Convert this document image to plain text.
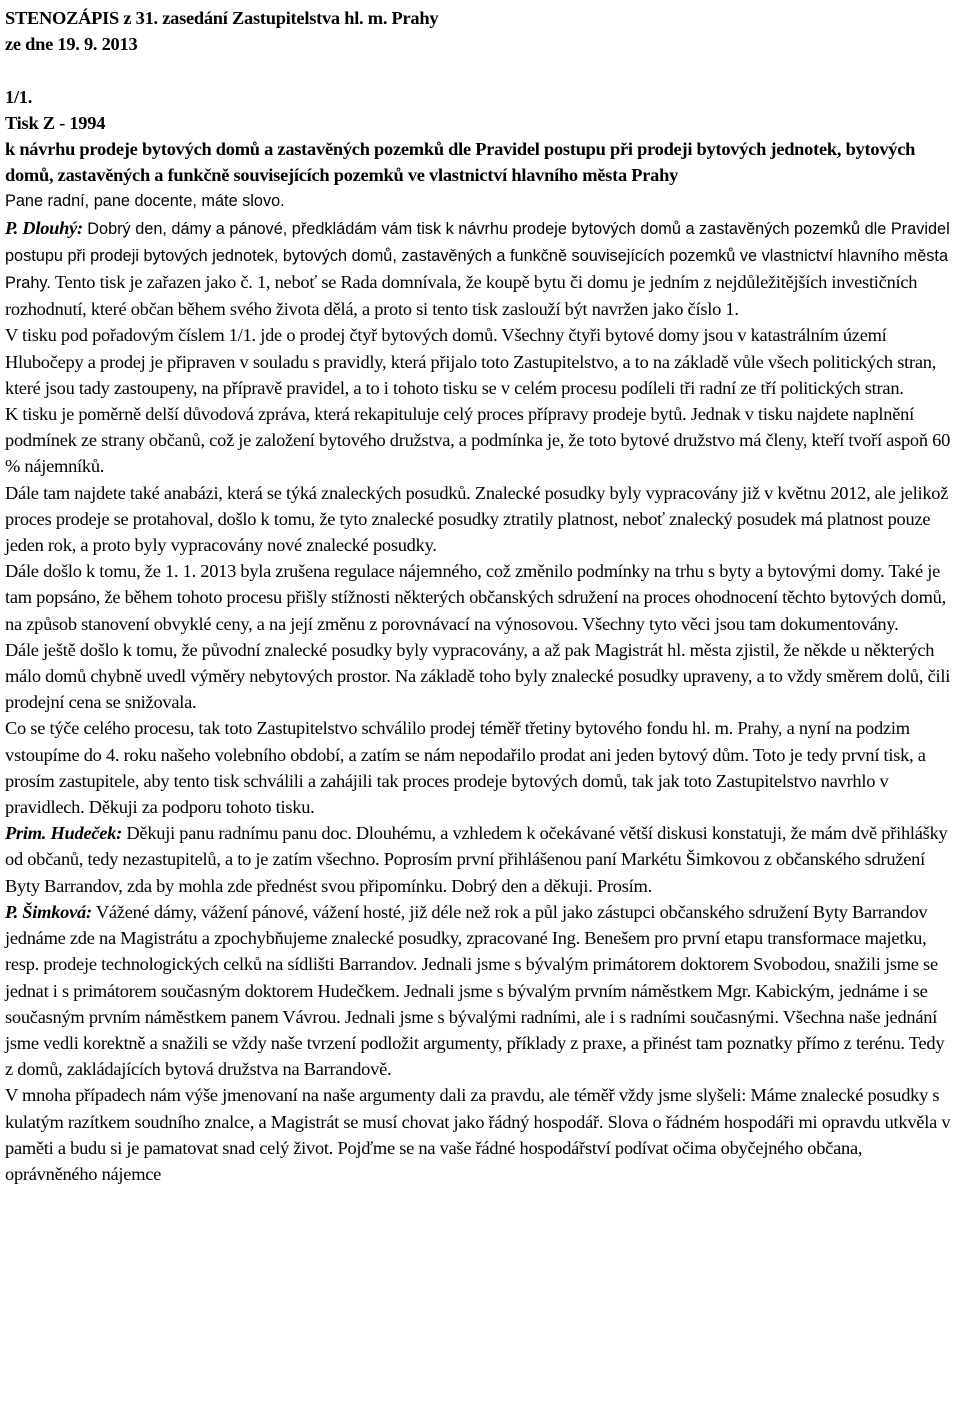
STENOZÁPIS z 31. zasedání Zastupitelstva hl. m. Prahy
ze dne 19. 9. 2013
1/1.
Tisk Z - 1994
k návrhu prodeje bytových domů a zastavěných pozemků dle Pravidel postupu při prodeji bytových jednotek, bytových domů, zastavěných a funkčně souvisejících pozemků ve vlastnictví hlavního města Prahy
Pane radní, pane docente, máte slovo.

P. Dlouhý: Dobrý den, dámy a pánové, předkládám vám tisk k návrhu prodeje bytových domů a zastavěných pozemků dle Pravidel postupu při prodeji bytových jednotek, bytových domů, zastavěných a funkčně souvisejících pozemků ve vlastnictví hlavního města Prahy. Tento tisk je zařazen jako č. 1, neboť se Rada domnívala, že koupě bytu či domu je jedním z nejdůležitějších investičních rozhodnutí, které občan během svého života dělá, a proto si tento tisk zaslouží být navržen jako číslo 1.

V tisku pod pořadovým číslem 1/1. jde o prodej čtyř bytových domů. Všechny čtyři bytové domy jsou v katastrálním území Hlubočepy a prodej je připraven v souladu s pravidly, která přijalo toto Zastupitelstvo, a to na základě vůle všech politických stran, které jsou tady zastoupeny, na přípravě pravidel, a to i tohoto tisku se v celém procesu podíleli tři radní ze tří politických stran.

K tisku je poměrně delší důvodová zpráva, která rekapituluje celý proces přípravy prodeje bytů. Jednak v tisku najdete naplnění podmínek ze strany občanů, což je založení bytového družstva, a podmínka je, že toto bytové družstvo má členy, kteří tvoří aspoň 60 % nájemníků.

Dále tam najdete také anabázi, která se týká znaleckých posudků. Znalecké posudky byly vypracovány již v květnu 2012, ale jelikož proces prodeje se protahoval, došlo k tomu, že tyto znalecké posudky ztratily platnost, neboť znalecký posudek má platnost pouze jeden rok, a proto byly vypracovány nové znalecké posudky.

Dále došlo k tomu, že 1. 1. 2013 byla zrušena regulace nájemného, což změnilo podmínky na trhu s byty a bytovými domy. Také je tam popsáno, že během tohoto procesu přišly stížnosti některých občanských sdružení na proces ohodnocení těchto bytových domů, na způsob stanovení obvyklé ceny, a na její změnu z porovnávací na výnosovou. Všechny tyto věci jsou tam dokumentovány.

Dále ještě došlo k tomu, že původní znalecké posudky byly vypracovány, a až pak Magistrát hl. města zjistil, že někde u některých málo domů chybně uvedl výměry nebytových prostor. Na základě toho byly znalecké posudky upraveny, a to vždy směrem dolů, čili prodejní cena se snižovala.

Co se týče celého procesu, tak toto Zastupitelstvo schválilo prodej téměř třetiny bytového fondu hl. m. Prahy, a nyní na podzim vstoupíme do 4. roku našeho volebního období, a zatím se nám nepodařilo prodat ani jeden bytový dům. Toto je tedy první tisk, a prosím zastupitele, aby tento tisk schválili a zahájili tak proces prodeje bytových domů, tak jak toto Zastupitelstvo navrhlo v pravidlech. Děkuji za podporu tohoto tisku.

Prim. Hudeček: Děkuji panu radnímu panu doc. Dlouhému, a vzhledem k očekávané větší diskusi konstatuji, že mám dvě přihlášky od občanů, tedy nezastupitelů, a to je zatím všechno. Poprosím první přihlášenou paní Markétu Šimkovou z občanského sdružení Byty Barrandov, zda by mohla zde přednést svou připomínku. Dobrý den a děkuji. Prosím.

P. Šimková: Vážené dámy, vážení pánové, vážení hosté, již déle než rok a půl jako zástupci občanského sdružení Byty Barrandov jednáme zde na Magistrátu a zpochybňujeme znalecké posudky, zpracované Ing. Benešem pro první etapu transformace majetku, resp. prodeje technologických celků na sídlišti Barrandov. Jednali jsme s bývalým primátorem doktorem Svobodou, snažili jsme se jednat i s primátorem současným doktorem Hudečkem. Jednali jsme s bývalým prvním náměstkem Mgr. Kabickým, jednáme i se současným prvním náměstkem panem Vávrou. Jednali jsme s bývalými radními, ale i s radními současnými. Všechna naše jednání jsme vedli korektně a snažili se vždy naše tvrzení podložit argumenty, příklady z praxe, a přinést tam poznatky přímo z terénu. Tedy z domů, zakládajících bytová družstva na Barrandově.

V mnoha případech nám výše jmenovaní na naše argumenty dali za pravdu, ale téměř vždy jsme slyšeli: Máme znalecké posudky s kulatým razítkem soudního znalce, a Magistrát se musí chovat jako řádný hospodář. Slova o řádném hospodáři mi opravdu utkvěla v paměti a budu si je pamatovat snad celý život. Pojďme se na vaše řádné hospodářství podívat očima obyčejného občana, oprávněného nájemce
